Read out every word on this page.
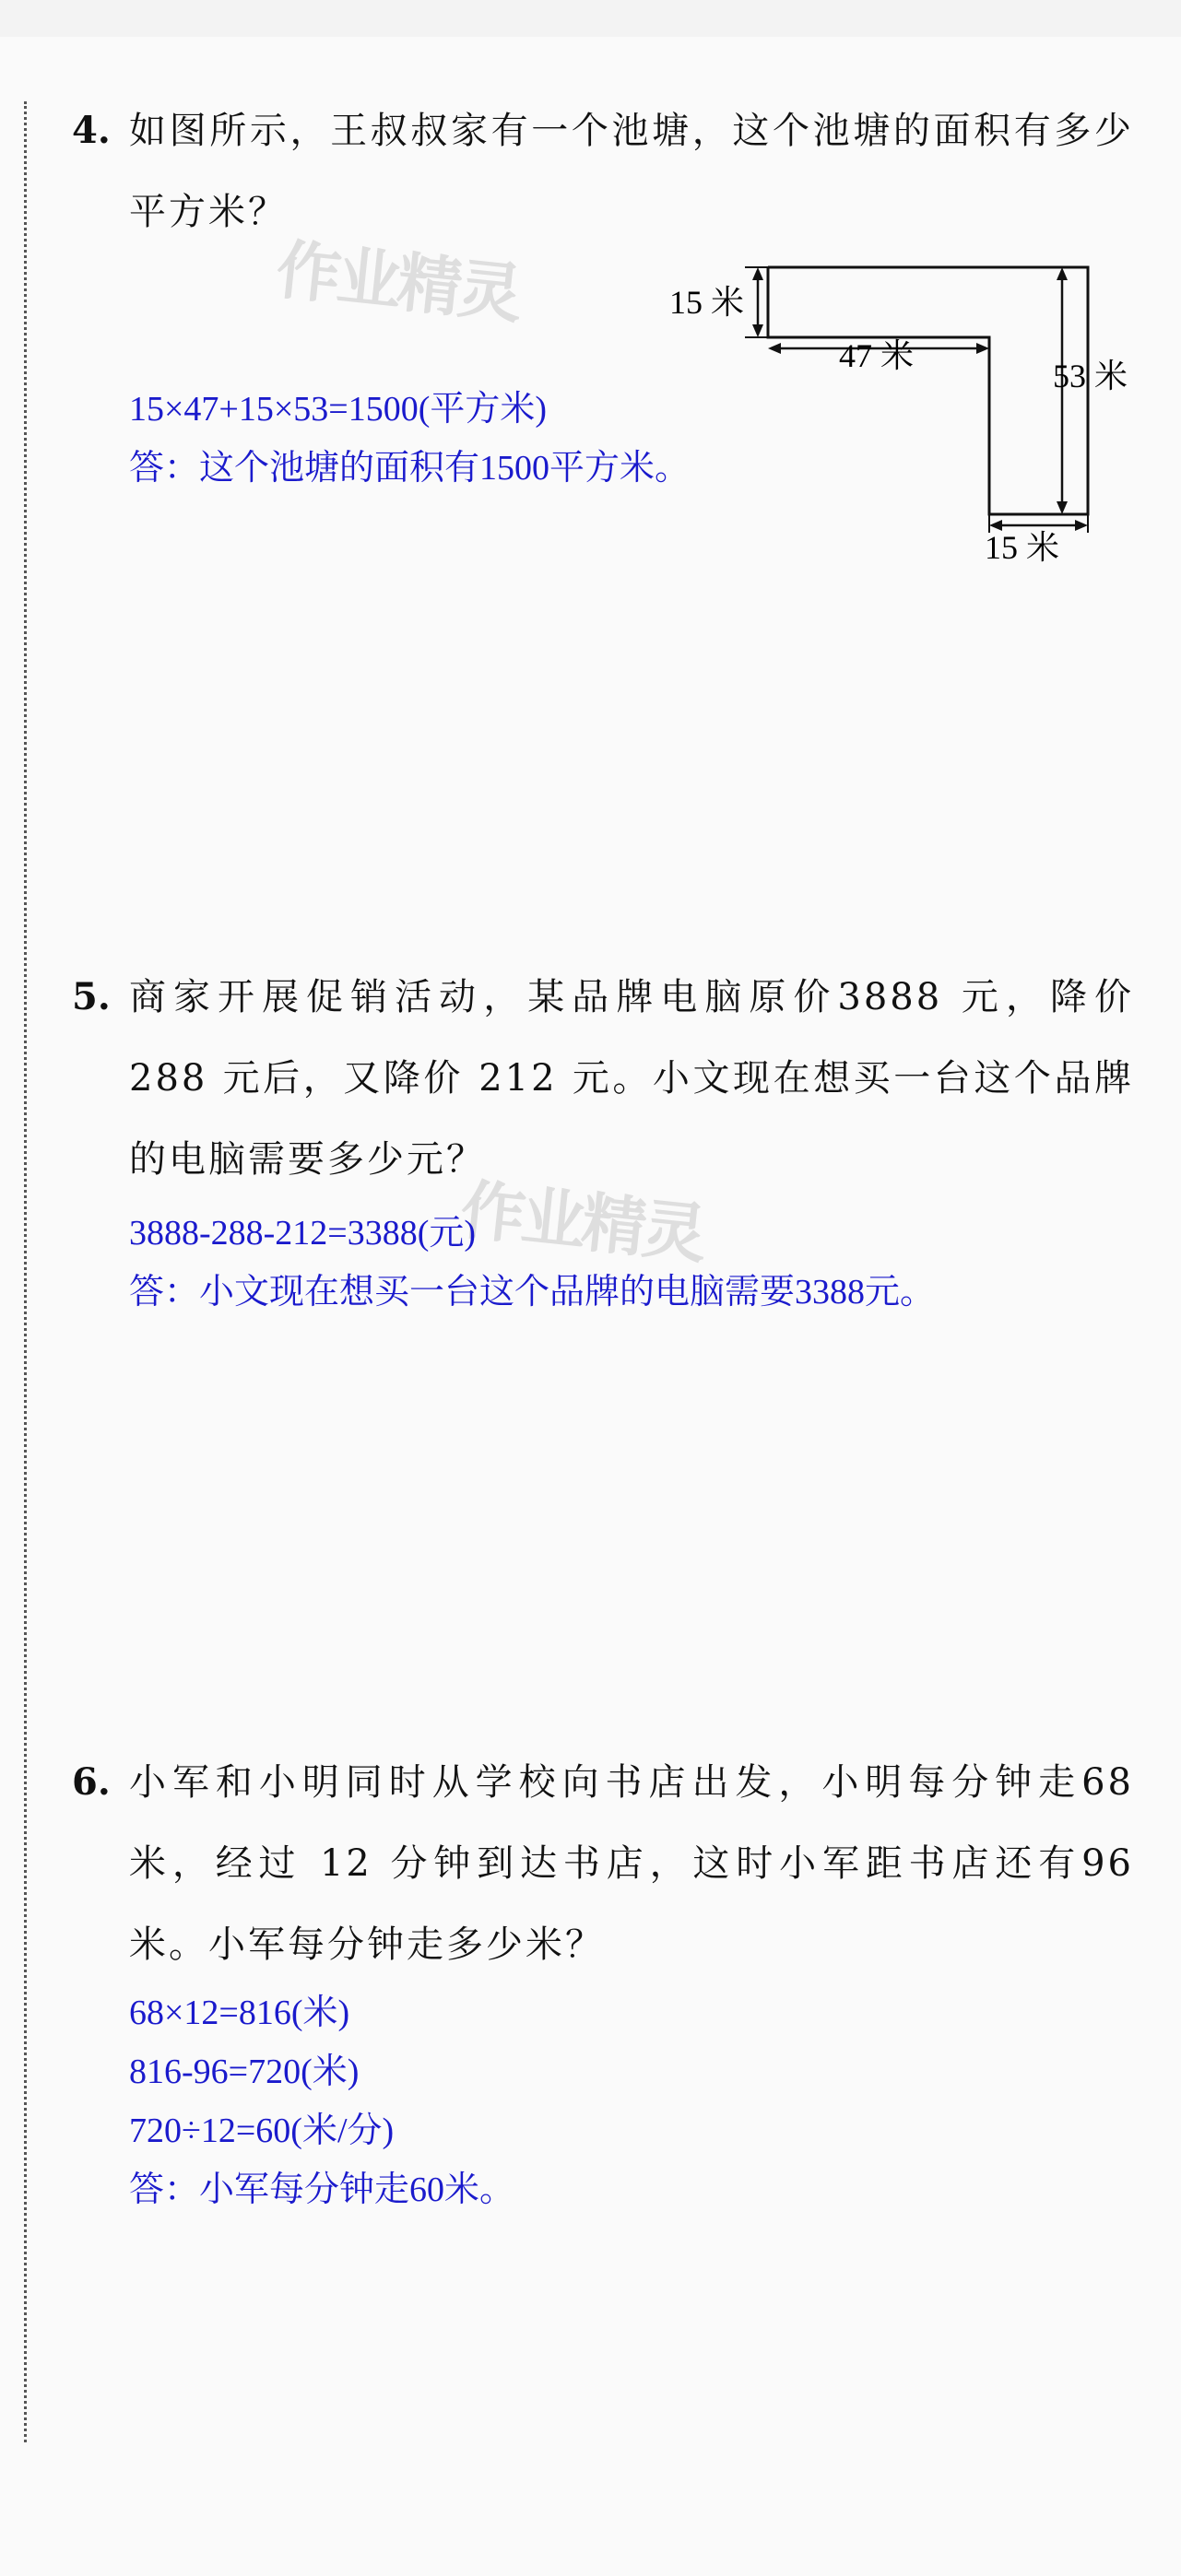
4. 如图所示，王叔叔家有一个池塘，这个池塘的面积有多少平方米？
作业精灵	15 米
47 米
53 米
15 米
15×47+15×53=1500(平方米)
答：这个池塘的面积有1500平方米。
5. 商家开展促销活动，某品牌电脑原价3888 元，降价 288 元后，又降价 212 元。小文现在想买一台这个品牌的电脑需要多少元？
作业精灵
3888-288-212=3388(元)
答：小文现在想买一台这个品牌的电脑需要3388元。
6. 小军和小明同时从学校向书店出发，小明每分钟走68 米，经过 12 分钟到达书店，这时小军距书店还有96 米。小军每分钟走多少米？
68×12=816(米)
816-96=720(米)
720÷12=60(米/分)
答：小军每分钟走60米。
